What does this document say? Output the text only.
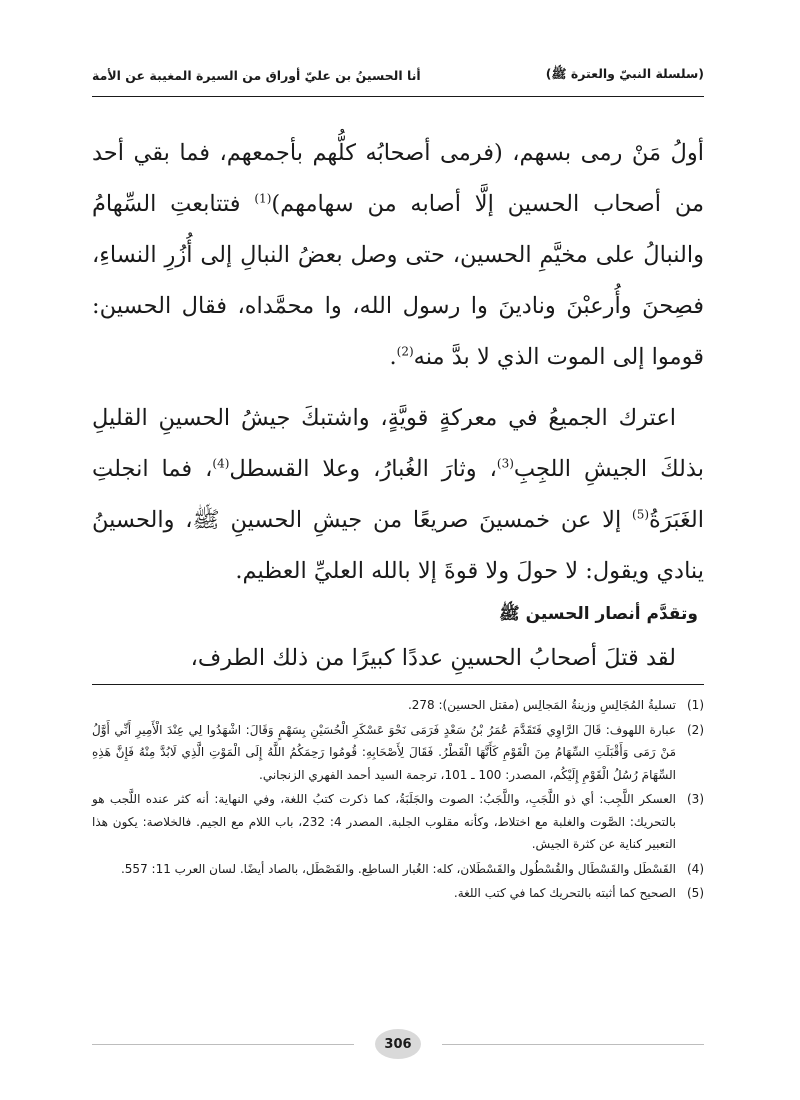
(سلسلة النبيّ والعترة ﷺ)
أنا الحسينُ بن عليّ أوراق من السيرة المغيبة عن الأمة

أولُ مَنْ رمى بسهم، (فرمى أصحابُه كلُّهم بأجمعهم، فما بقي أحد من أصحاب الحسين إلَّا أصابه من سهامهم)$^{(1)}$ فتتابعتِ السِّهامُ والنبالُ على مخيَّمِ الحسين، حتى وصل بعضُ النبالِ إلى أُزُرِ النساءِ، فصِحنَ وأُرعبْنَ ونادينَ وا رسول الله، وا محمَّداه، فقال الحسين: قوموا إلى الموت الذي لا بدَّ منه$^{(2)}$.

اعترك الجميعُ في معركةٍ قويَّةٍ، واشتبكَ جيشُ الحسينِ القليلِ بذلكَ الجيشِ اللجِبِ$^{(3)}$، وثارَ الغُبارُ، وعلا القسطل$^{(4)}$، فما انجلتِ الغَبَرَةُ$^{(5)}$ إلا عن خمسينَ صريعًا من جيشِ الحسينِ ﷺ، والحسينُ ينادي ويقول: لا حولَ ولا قوةَ إلا بالله العليِّ العظيم.

وتقدَّم أنصار الحسين ﷺ

لقد قتلَ أصحابُ الحسينِ عددًا كبيرًا من ذلك الطرف،

(1)
تسليةُ المُجَالِسِ وزينةُ المَجالِس (مقتل الحسين): 278.
(2)
عبارة اللهوف: قَالَ الرَّاوِي فَتَقَدَّمَ عُمَرُ بْنُ سَعْدٍ فَرَمَى نَحْوَ عَسْكَرِ الْحُسَيْنِ بِسَهْمٍ وَقَالَ: اشْهَدُوا لِي عِنْدَ الْأَمِيرِ أَنِّي أَوَّلُ مَنْ رَمَى وَأَقْبَلَتِ السِّهَامُ مِنَ الْقَوْمِ كَأَنَّهَا الْقَطْرُ. فَقَالَ لِأَصْحَابِهِ: قُومُوا رَحِمَكُمُ اللَّهُ إِلَى الْمَوْتِ الَّذِي لَابُدَّ مِنْهُ فَإِنَّ هَذِهِ السِّهَامَ رُسُلُ الْقَوْمِ إِلَيْكُم، المصدر: 100 ـ 101، ترجمة السيد أحمد الفهري الزنجاني.
(3)
العسكر اللَّجِب: أي ذو اللَّجَبِ، واللَّجَبُ: الصوت والجَلَبَةُ، كما ذكرت كتبُ اللغة، وفي النهاية: أنه كثر عنده اللَّجب هو بالتحريك: الصَّوت والغلبة مع اختلاط، وكأنه مقلوب الجلبة. المصدر 4: 232، باب اللام مع الجيم. فالخلاصة: يكون هذا التعبير كناية عن كثرة الجيش.
(4)
القَسْطَل والقَسْطَال والقُسْطُول والقَسْطَلان، كله: الغُبار الساطِع. والقَصْطَل، بالصاد أيضًا. لسان العرب 11: 557.
(5)
الصحيح كما أثبته بالتحريك كما في كتب اللغة.
306
